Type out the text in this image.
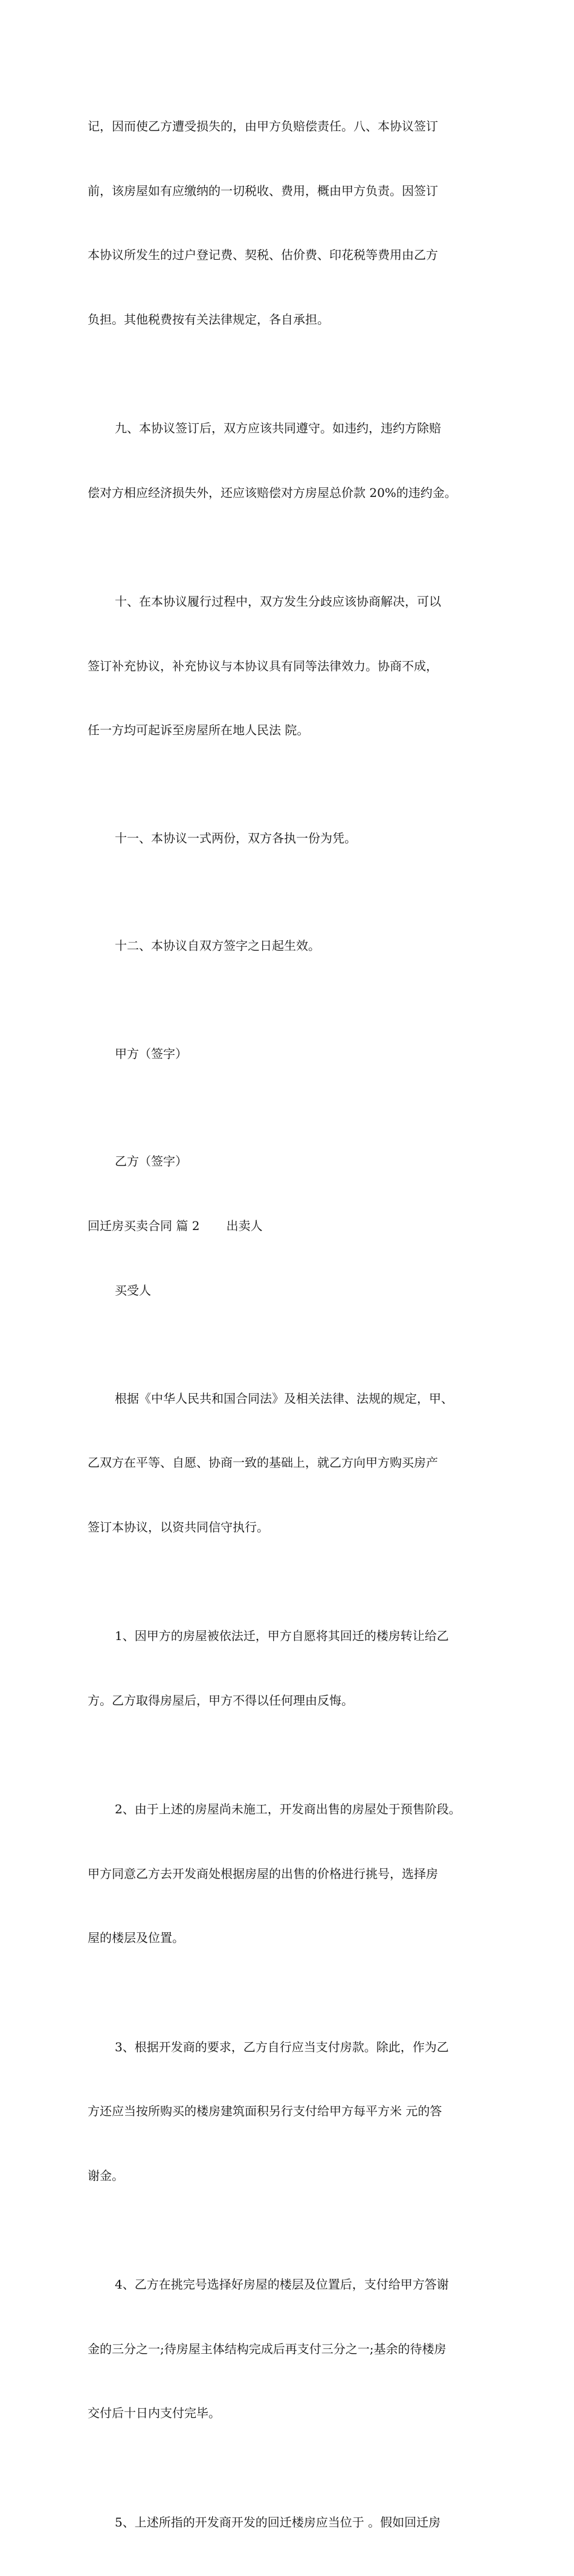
记，因而使乙方遭受损失的，由甲方负赔偿责任。八、本协议签订

前，该房屋如有应缴纳的一切税收、费用，概由甲方负责。因签订

本协议所发生的过户登记费、契税、估价费、印花税等费用由乙方

负担。其他税费按有关法律规定，各自承担。

九、本协议签订后，双方应该共同遵守。如违约，违约方除赔

偿对方相应经济损失外，还应该赔偿对方房屋总价款 20%的违约金。

十、在本协议履行过程中，双方发生分歧应该协商解决，可以

签订补充协议，补充协议与本协议具有同等法律效力。协商不成，

任一方均可起诉至房屋所在地人民法 院。

十一、本协议一式两份，双方各执一份为凭。

十二、本协议自双方签字之日起生效。

甲方（签字）

乙方（签字）

回迁房买卖合同 篇 2 出卖人

买受人

根据《中华人民共和国合同法》及相关法律、法规的规定，甲、

乙双方在平等、自愿、协商一致的基础上，就乙方向甲方购买房产

签订本协议，以资共同信守执行。

1、因甲方的房屋被依法迁，甲方自愿将其回迁的楼房转让给乙

方。乙方取得房屋后，甲方不得以任何理由反悔。

2、由于上述的房屋尚未施工，开发商出售的房屋处于预售阶段。

甲方同意乙方去开发商处根据房屋的出售的价格进行挑号，选择房

屋的楼层及位置。

3、根据开发商的要求，乙方自行应当支付房款。除此，作为乙

方还应当按所购买的楼房建筑面积另行支付给甲方每平方米 元的答

谢金。

4、乙方在挑完号选择好房屋的楼层及位置后，支付给甲方答谢

金的三分之一;待房屋主体结构完成后再支付三分之一;基余的待楼房

交付后十日内支付完毕。

5、上述所指的开发商开发的回迁楼房应当位于 。假如回迁房
